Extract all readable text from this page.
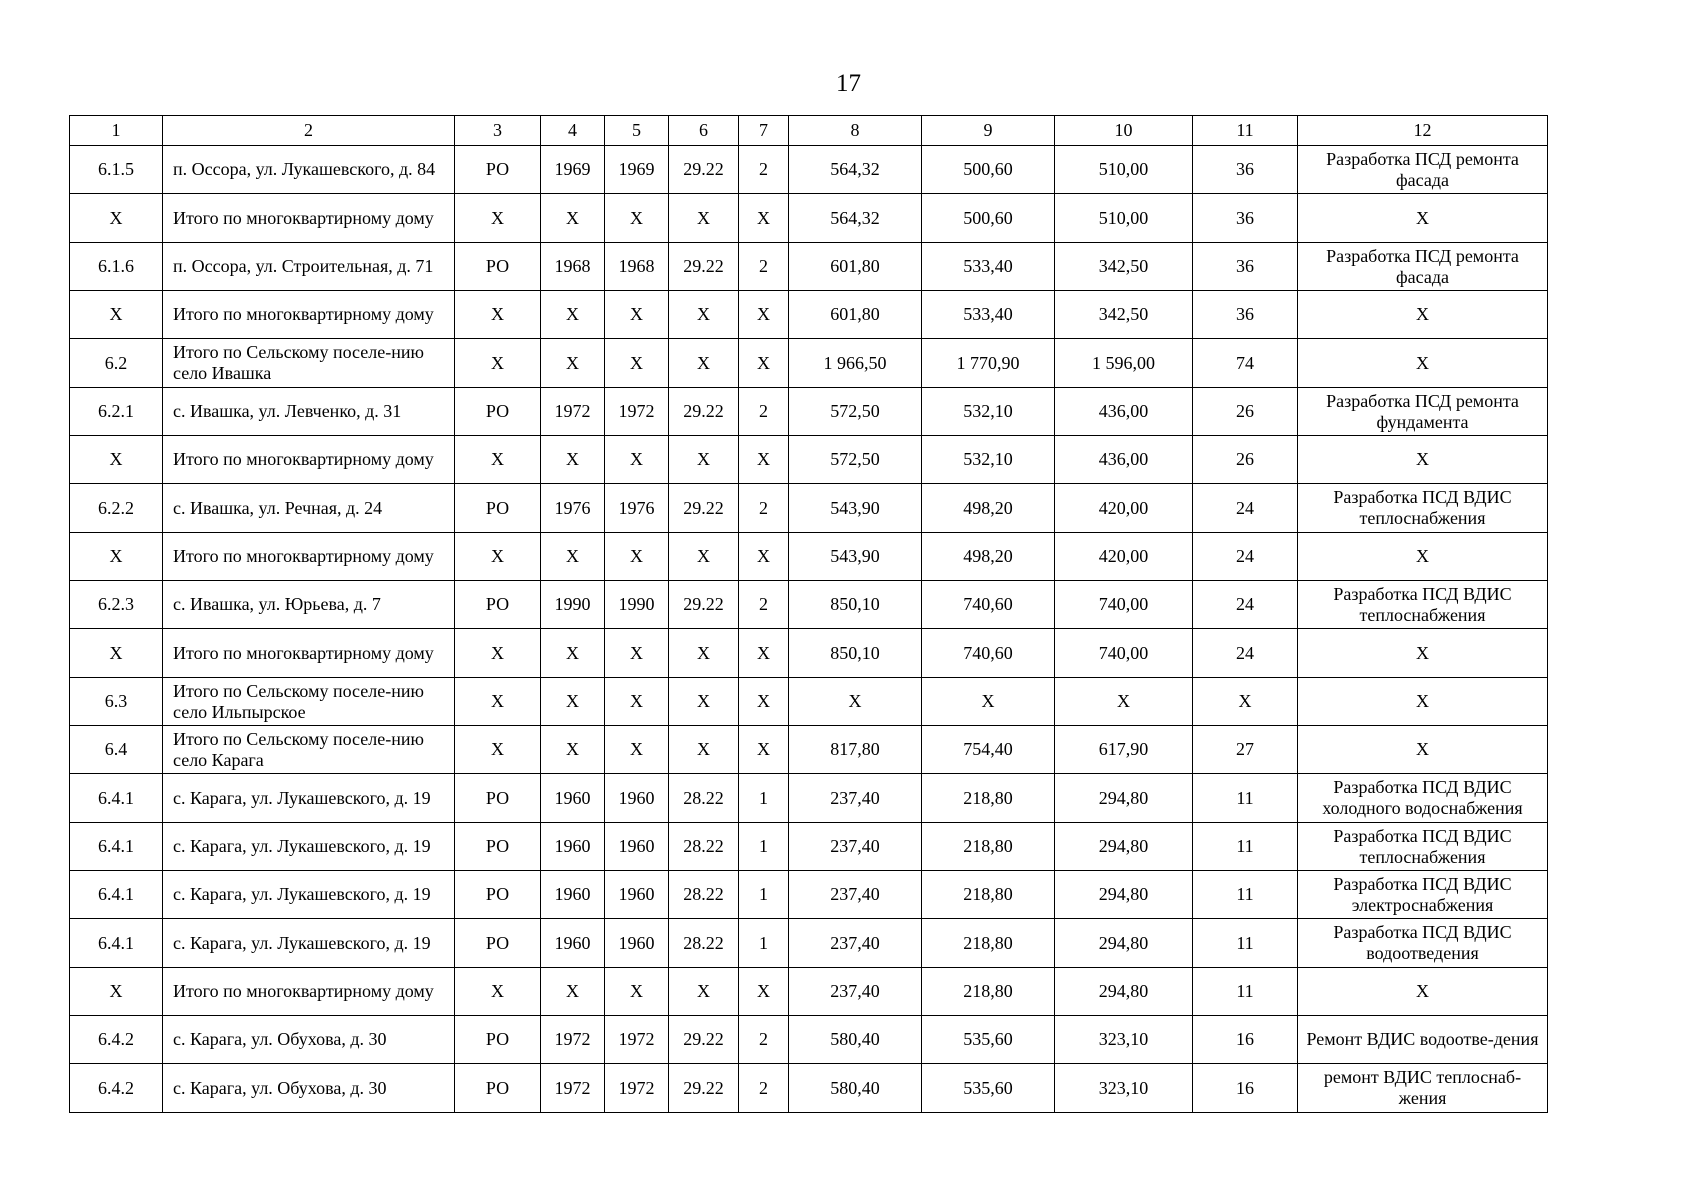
17
1	2	3	4	5	6	7	8	9	10	11	12
6.1.5	п. Оссора, ул. Лукашевского, д. 84	РО	1969	1969	29.22	2	564,32	500,60	510,00	36	Разработка ПСД ремонта фасада
X	Итого по многоквартирному дому	X	X	X	X	X	564,32	500,60	510,00	36	X
6.1.6	п. Оссора, ул. Строительная, д. 71	РО	1968	1968	29.22	2	601,80	533,40	342,50	36	Разработка ПСД ремонта фасада
X	Итого по многоквартирному дому	X	X	X	X	X	601,80	533,40	342,50	36	X
6.2	Итого по Сельскому поселе-нию село Ивашка	X	X	X	X	X	1 966,50	1 770,90	1 596,00	74	X
6.2.1	с. Ивашка, ул. Левченко, д. 31	РО	1972	1972	29.22	2	572,50	532,10	436,00	26	Разработка ПСД ремонта фундамента
X	Итого по многоквартирному дому	X	X	X	X	X	572,50	532,10	436,00	26	X
6.2.2	с. Ивашка, ул. Речная, д. 24	РО	1976	1976	29.22	2	543,90	498,20	420,00	24	Разработка ПСД ВДИС теплоснабжения
X	Итого по многоквартирному дому	X	X	X	X	X	543,90	498,20	420,00	24	X
6.2.3	с. Ивашка, ул. Юрьева, д. 7	РО	1990	1990	29.22	2	850,10	740,60	740,00	24	Разработка ПСД ВДИС теплоснабжения
X	Итого по многоквартирному дому	X	X	X	X	X	850,10	740,60	740,00	24	X
6.3	Итого по Сельскому поселе-нию село Ильпырское	X	X	X	X	X	X	X	X	X	X
6.4	Итого по Сельскому поселе-нию село Карага	X	X	X	X	X	817,80	754,40	617,90	27	X
6.4.1	с. Карага, ул. Лукашевского, д. 19	РО	1960	1960	28.22	1	237,40	218,80	294,80	11	Разработка ПСД ВДИС холодного водоснабжения
6.4.1	с. Карага, ул. Лукашевского, д. 19	РО	1960	1960	28.22	1	237,40	218,80	294,80	11	Разработка ПСД ВДИС теплоснабжения
6.4.1	с. Карага, ул. Лукашевского, д. 19	РО	1960	1960	28.22	1	237,40	218,80	294,80	11	Разработка ПСД ВДИС электроснабжения
6.4.1	с. Карага, ул. Лукашевского, д. 19	РО	1960	1960	28.22	1	237,40	218,80	294,80	11	Разработка ПСД ВДИС водоотведения
X	Итого по многоквартирному дому	X	X	X	X	X	237,40	218,80	294,80	11	X
6.4.2	с. Карага, ул. Обухова, д. 30	РО	1972	1972	29.22	2	580,40	535,60	323,10	16	Ремонт ВДИС водоотве-дения
6.4.2	с. Карага, ул. Обухова, д. 30	РО	1972	1972	29.22	2	580,40	535,60	323,10	16	ремонт ВДИС теплоснаб-жения
